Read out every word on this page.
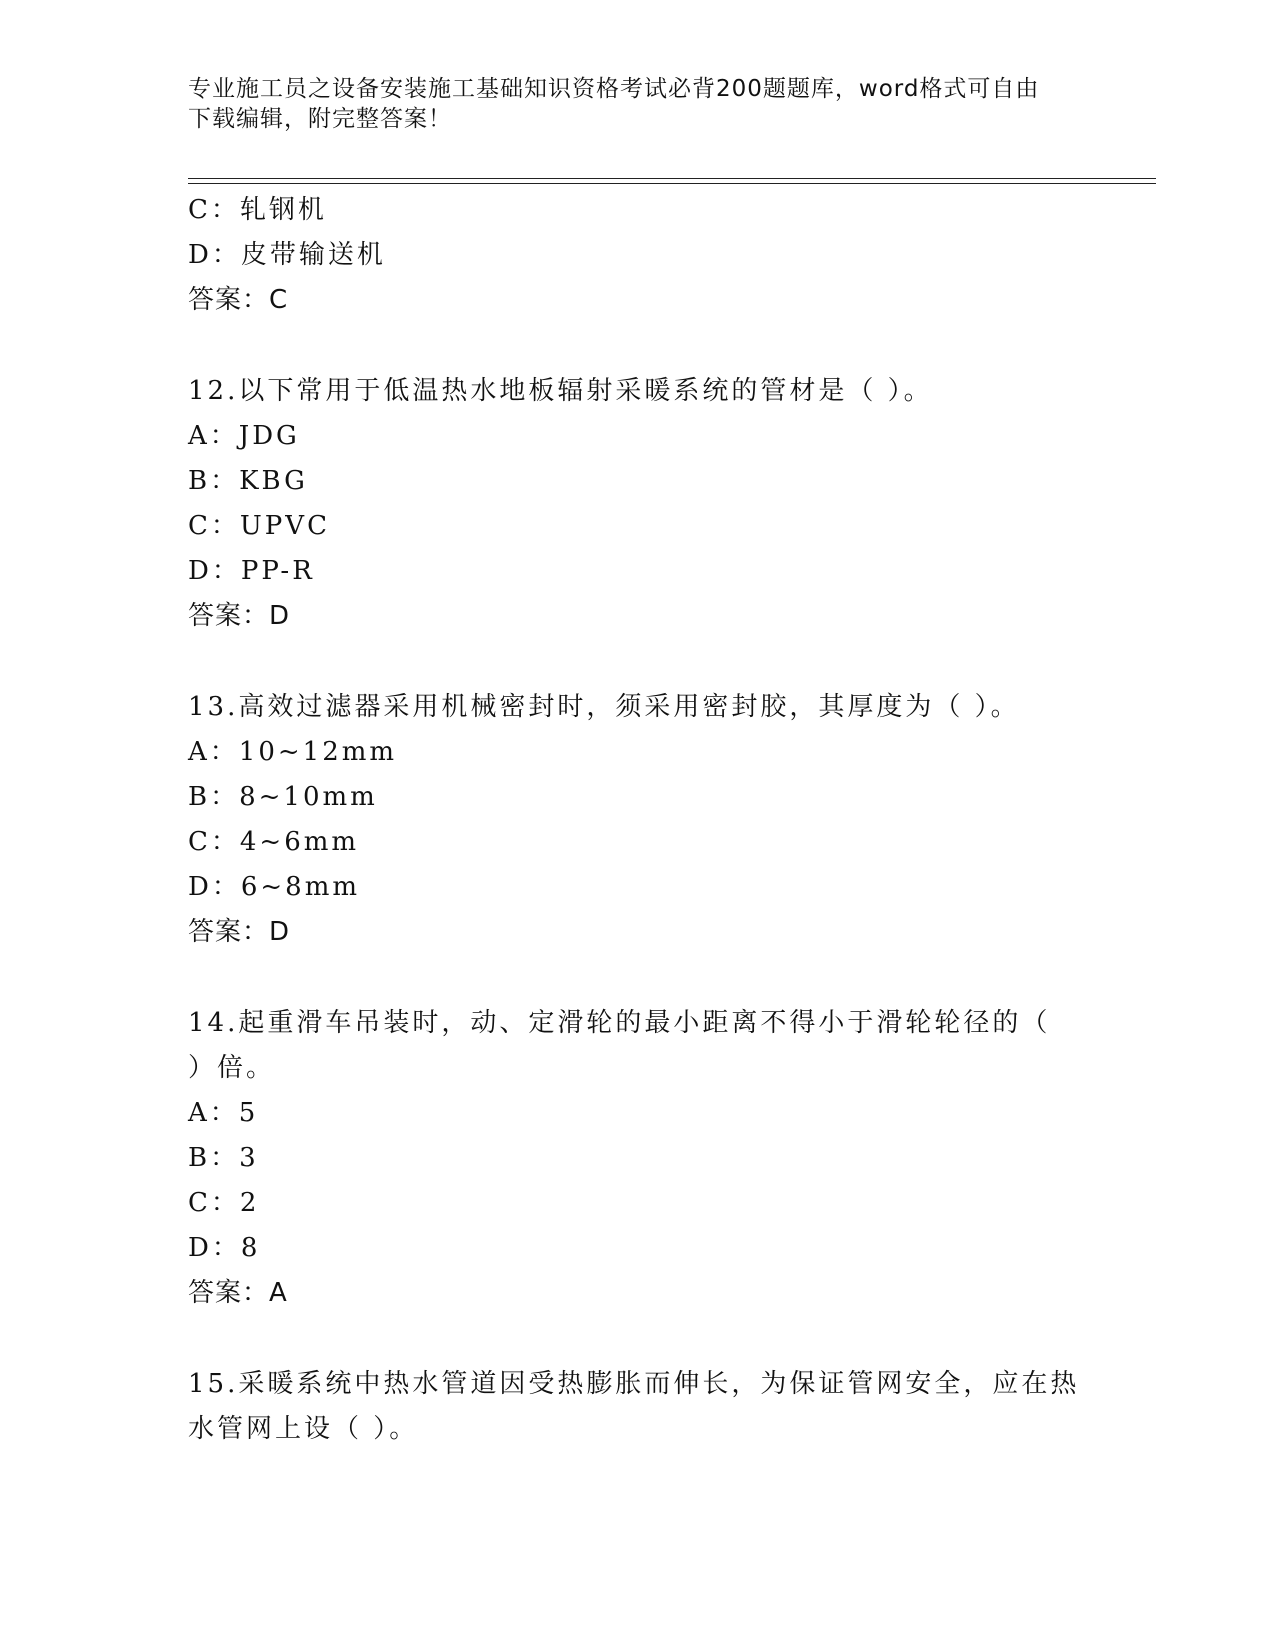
专业施工员之设备安装施工基础知识资格考试必背200题题库，word格式可自由
下载编辑，附完整答案！
C：轧钢机
D：皮带输送机
答案：C
12.以下常用于低温热水地板辐射采暖系统的管材是（ ）。
A：JDG
B：KBG
C：UPVC
D：PP-R
答案：D
13.高效过滤器采用机械密封时，须采用密封胶，其厚度为（ ）。
A：10~12mm
B：8~10mm
C：4~6mm
D：6~8mm
答案：D
14.起重滑车吊装时，动、定滑轮的最小距离不得小于滑轮轮径的（
）倍。
A：5
B：3
C：2
D：8
答案：A
15.采暖系统中热水管道因受热膨胀而伸长，为保证管网安全，应在热
水管网上设（ ）。
